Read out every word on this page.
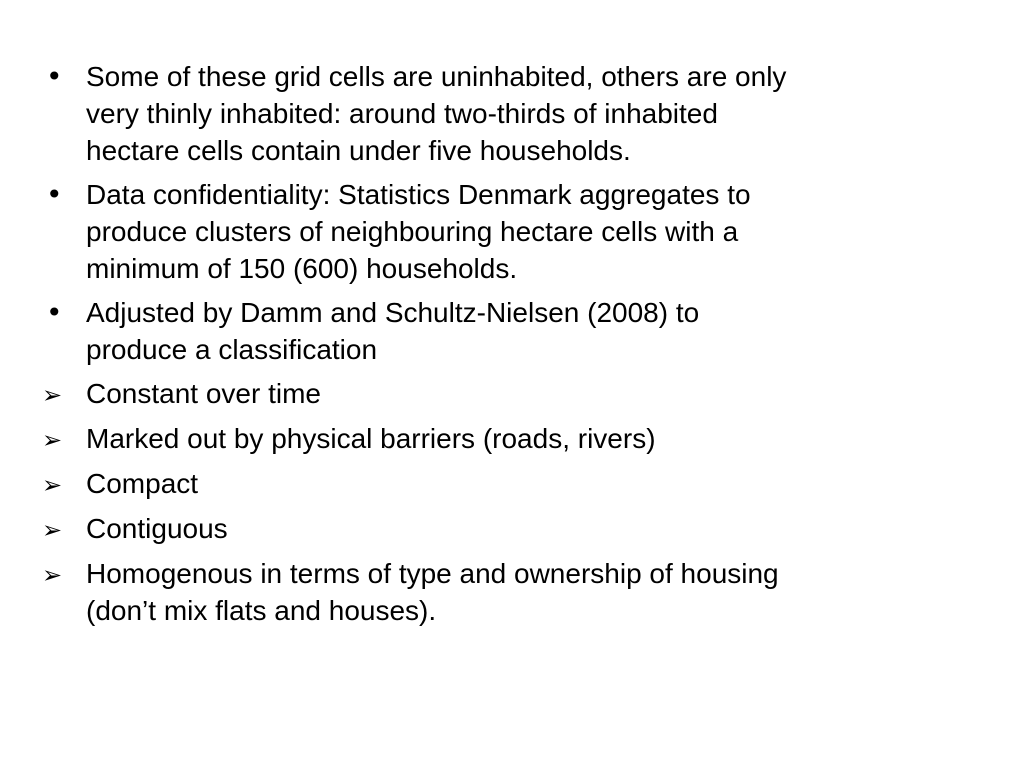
• Some of these grid cells are uninhabited, others are only
very thinly inhabited: around two-thirds of inhabited
hectare cells contain under five households.
• Data confidentiality: Statistics Denmark aggregates to
produce clusters of neighbouring hectare cells with a
minimum of 150 (600) households.
• Adjusted by Damm and Schultz-Nielsen (2008) to
produce a classification
➢ Constant over time
➢ Marked out by physical barriers (roads, rivers)
➢ Compact
➢ Contiguous
➢ Homogenous in terms of type and ownership of housing
(don’t mix flats and houses).
